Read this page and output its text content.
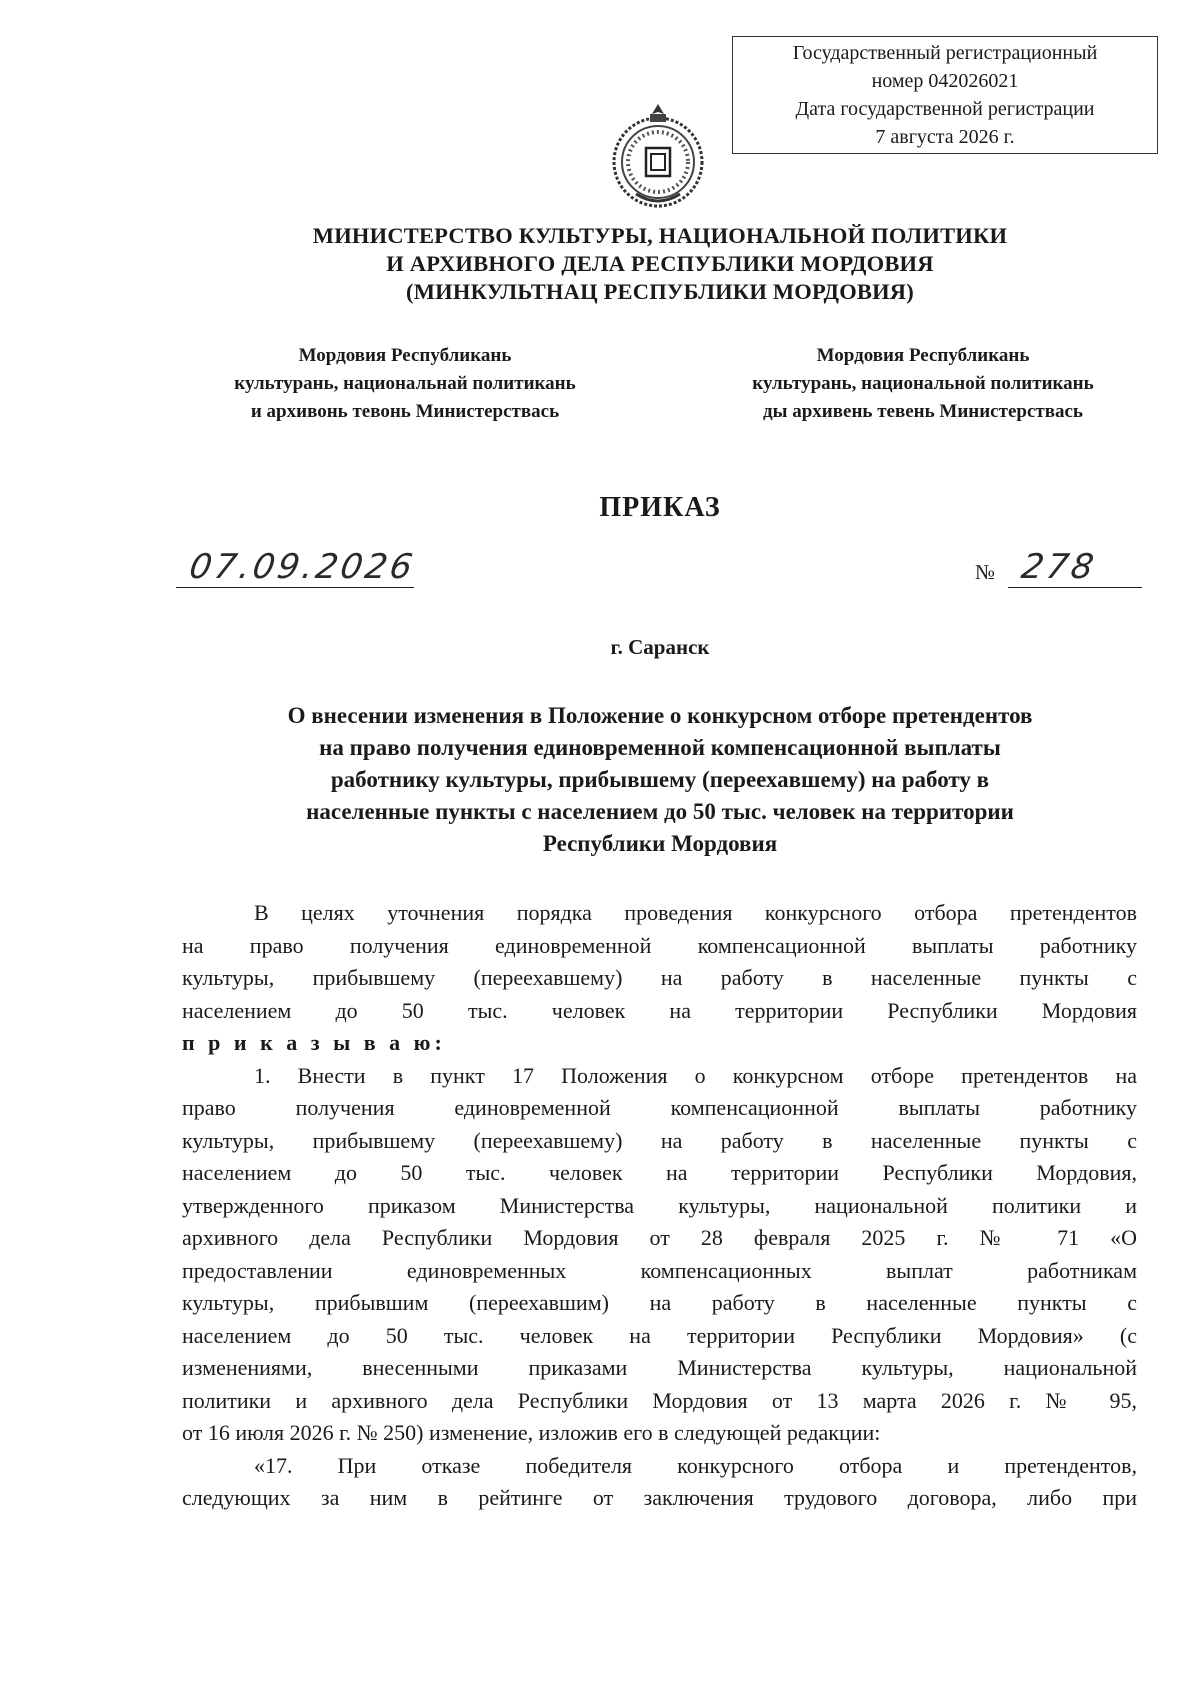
Государственный регистрационный
номер 042026021
Дата государственной регистрации
7 августа 2026 г.
МИНИСТЕРСТВО КУЛЬТУРЫ, НАЦИОНАЛЬНОЙ ПОЛИТИКИ
И АРХИВНОГО ДЕЛА РЕСПУБЛИКИ МОРДОВИЯ
(МИНКУЛЬТНАЦ РЕСПУБЛИКИ МОРДОВИЯ)
Мордовия Республикань
культурань, национальнай политикань
и архивонь тевонь Министерствась
Мордовия Республикань
культурань, национальной политикань
ды архивень тевень Министерствась
ПРИКАЗ
07.09.2026	№ 278
г. Саранск
О внесении изменения в Положение о конкурсном отборе претендентов
на право получения единовременной компенсационной выплаты
работнику культуры, прибывшему (переехавшему) на работу в
населенные пункты с населением до 50 тыс. человек на территории
Республики Мордовия
В целях уточнения порядка проведения конкурсного отбора претендентов
на право получения единовременной компенсационной выплаты работнику
культуры, прибывшему (переехавшему) на работу в населенные пункты с
населением до 50 тыс. человек на территории Республики Мордовия
п р и к а з ы в а ю:
1. Внести в пункт 17 Положения о конкурсном отборе претендентов на
право получения единовременной компенсационной выплаты работнику
культуры, прибывшему (переехавшему) на работу в населенные пункты с
населением до 50 тыс. человек на территории Республики Мордовия,
утвержденного приказом Министерства культуры, национальной политики и
архивного дела Республики Мордовия от 28 февраля 2025 г. № 71 «О
предоставлении единовременных компенсационных выплат работникам
культуры, прибывшим (переехавшим) на работу в населенные пункты с
населением до 50 тыс. человек на территории Республики Мордовия» (с
изменениями, внесенными приказами Министерства культуры, национальной
политики и архивного дела Республики Мордовия от 13 марта 2026 г. № 95,
от 16 июля 2026 г. № 250) изменение, изложив его в следующей редакции:
«17. При отказе победителя конкурсного отбора и претендентов,
следующих за ним в рейтинге от заключения трудового договора, либо при
